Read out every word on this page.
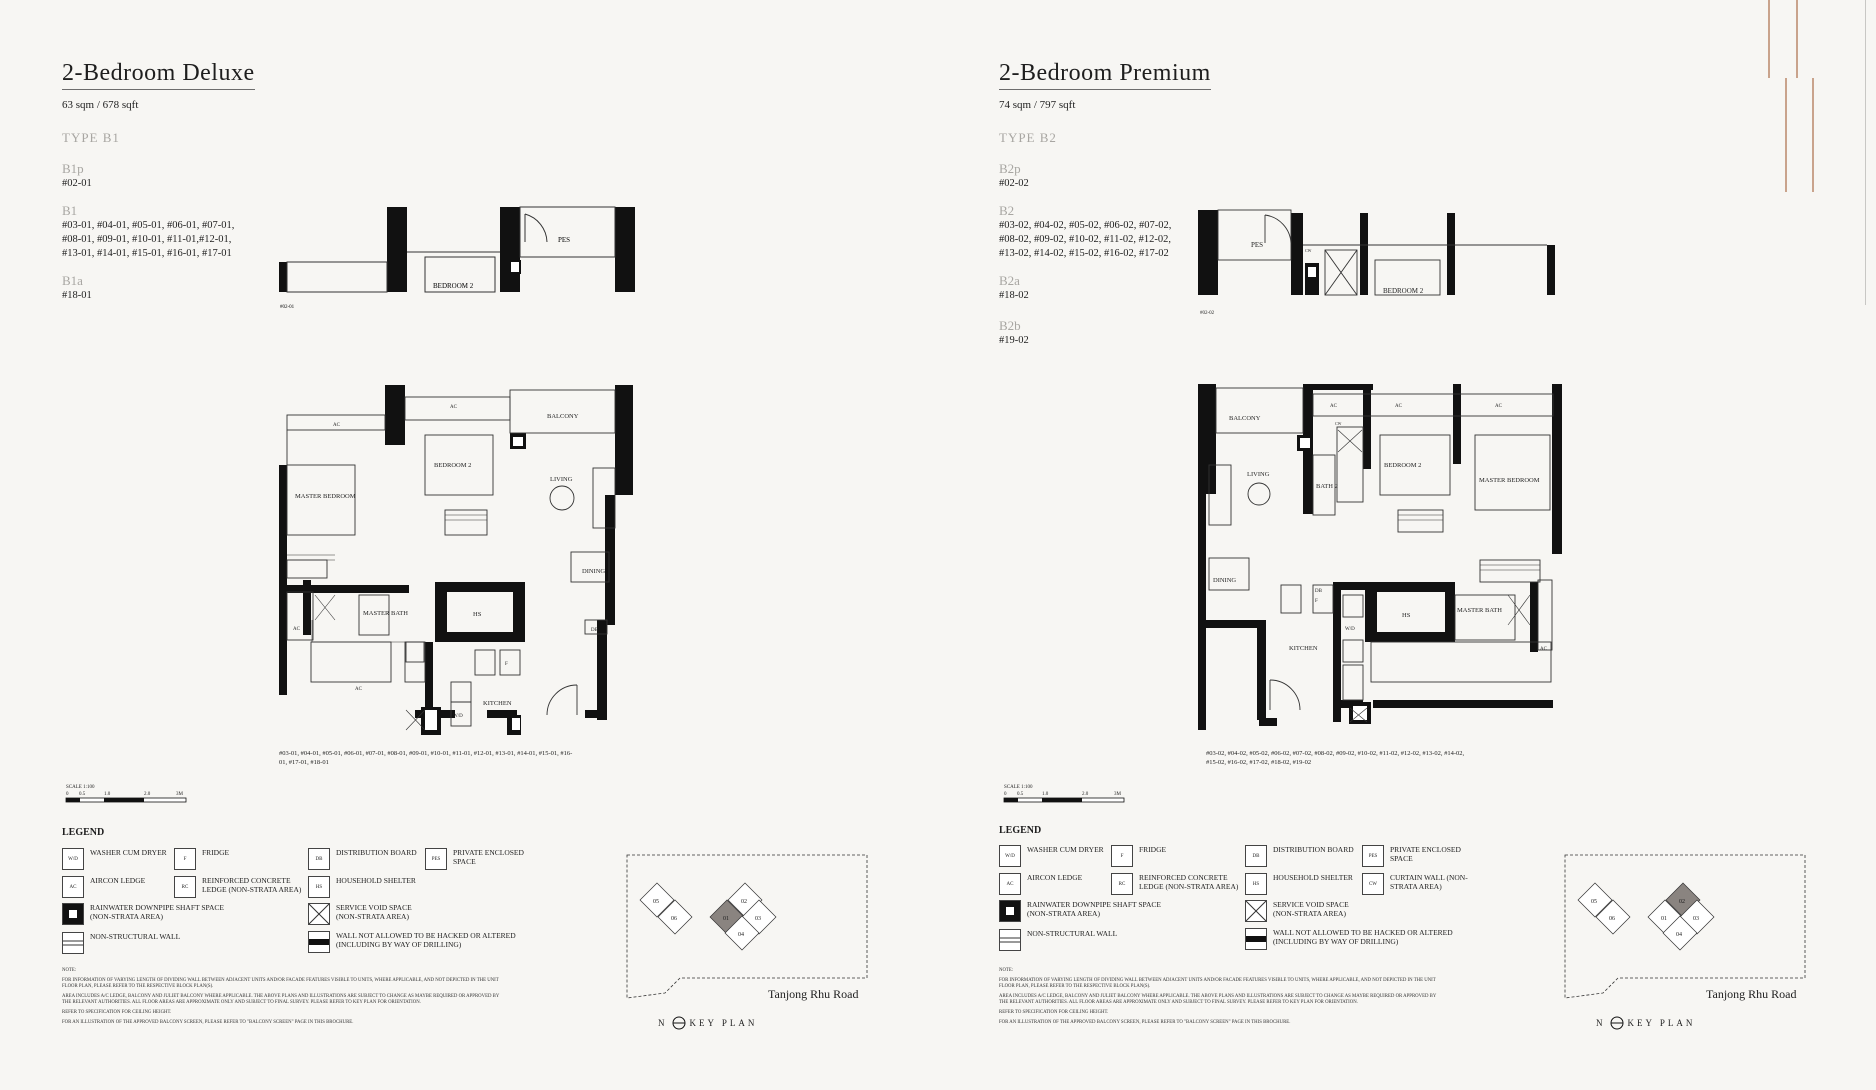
2-Bedroom Deluxe
63 sqm / 678 sqft
TYPE B1
B1p
#02-01
B1
#03-01, #04-01, #05-01, #06-01, #07-01, #08-01, #09-01, #10-01, #11-01,#12-01, #13-01, #14-01, #15-01, #16-01, #17-01
B1a
#18-01
PES
BEDROOM 2
#02-01
AC
AC
AC
AC
BALCONY
BEDROOM 2
MASTER BEDROOM
LIVING
DINING
MASTER BATH	HS
DB
KITCHEN
W/D
F
#03-01, #04-01, #05-01, #06-01, #07-01, #08-01, #09-01, #10-01, #11-01, #12-01, #13-01, #14-01, #15-01, #16-01, #17-01, #18-01
SCALE 1:100
0 0.5	1.0	2.0	3M
LEGEND
W/D
WASHER CUM DRYER
F
FRIDGE
DB
DISTRIBUTION BOARD
PES
PRIVATE ENCLOSED SPACE
AC
AIRCON LEDGE
RC
REINFORCED CONCRETE LEDGE (NON-STRATA AREA)	HS
HOUSEHOLD SHELTER
RAINWATER DOWNPIPE SHAFT SPACE (NON-STRATA AREA)
SERVICE VOID SPACE (NON-STRATA AREA)
NON-STRUCTURAL WALL	WALL NOT ALLOWED TO BE HACKED OR ALTERED (INCLUDING BY WAY OF DRILLING)

NOTE:

FOR INFORMATION OF VARYING LENGTH OF DIVIDING WALL BETWEEN ADJACENT UNITS AND/OR FACADE FEATURES VISIBLE TO UNITS, WHERE APPLICABLE, AND NOT DEPICTED IN THE UNIT FLOOR PLAN, PLEASE REFER TO THE RESPECTIVE BLOCK PLAN(S).

AREA INCLUDES A/C LEDGE, BALCONY AND JULIET BALCONY WHERE APPLICABLE. THE ABOVE PLANS AND ILLUSTRATIONS ARE SUBJECT TO CHANGE AS MAYBE REQUIRED OR APPROVED BY THE RELEVANT AUTHORITIES. ALL FLOOR AREAS ARE APPROXIMATE ONLY AND SUBJECT TO FINAL SURVEY. PLEASE REFER TO KEY PLAN FOR ORIENTATION.

REFER TO SPECIFICATION FOR CEILING HEIGHT.

FOR AN ILLUSTRATION OF THE APPROVED BALCONY SCREEN, PLEASE REFER TO "BALCONY SCREEN" PAGE IN THIS BROCHURE.

05
06
02
01	03
04
Tanjong Rhu Road
N KEY PLAN
2-Bedroom Premium
74 sqm / 797 sqft
TYPE B2
B2p
#02-02
B2
#03-02, #04-02, #05-02, #06-02, #07-02, #08-02, #09-02, #10-02, #11-02, #12-02, #13-02, #14-02, #15-02, #16-02, #17-02
B2a
#18-02
B2b
#19-02
PES
CW
BEDROOM 2
#02-02
AC	AC	AC
AC
CW
BALCONY
LIVING
BATH 2
BEDROOM 2
MASTER BEDROOM
DINING
DB
F
W/D
HS
MASTER BATH
KITCHEN
#03-02, #04-02, #05-02, #06-02, #07-02, #08-02, #09-02, #10-02, #11-02, #12-02, #13-02, #14-02, #15-02, #16-02, #17-02, #18-02, #19-02
SCALE 1:100
0 0.5	1.0	2.0	3M
LEGEND
W/D
WASHER CUM DRYER
F
FRIDGE
DB
DISTRIBUTION BOARD
PES
PRIVATE ENCLOSED SPACE
AC
AIRCON LEDGE
RC
REINFORCED CONCRETE LEDGE (NON-STRATA AREA)	HS
HOUSEHOLD SHELTER
CW
CURTAIN WALL (NON-STRATA AREA)
RAINWATER DOWNPIPE SHAFT SPACE (NON-STRATA AREA)
SERVICE VOID SPACE (NON-STRATA AREA)
NON-STRUCTURAL WALL	WALL NOT ALLOWED TO BE HACKED OR ALTERED (INCLUDING BY WAY OF DRILLING)

NOTE:

FOR INFORMATION OF VARYING LENGTH OF DIVIDING WALL BETWEEN ADJACENT UNITS AND/OR FACADE FEATURES VISIBLE TO UNITS, WHERE APPLICABLE, AND NOT DEPICTED IN THE UNIT FLOOR PLAN, PLEASE REFER TO THE RESPECTIVE BLOCK PLAN(S).

AREA INCLUDES A/C LEDGE, BALCONY AND JULIET BALCONY WHERE APPLICABLE. THE ABOVE PLANS AND ILLUSTRATIONS ARE SUBJECT TO CHANGE AS MAYBE REQUIRED OR APPROVED BY THE RELEVANT AUTHORITIES. ALL FLOOR AREAS ARE APPROXIMATE ONLY AND SUBJECT TO FINAL SURVEY. PLEASE REFER TO KEY PLAN FOR ORIENTATION.

REFER TO SPECIFICATION FOR CEILING HEIGHT.

FOR AN ILLUSTRATION OF THE APPROVED BALCONY SCREEN, PLEASE REFER TO "BALCONY SCREEN" PAGE IN THIS BROCHURE.

05
06
02
01	03
04
Tanjong Rhu Road
N KEY PLAN
